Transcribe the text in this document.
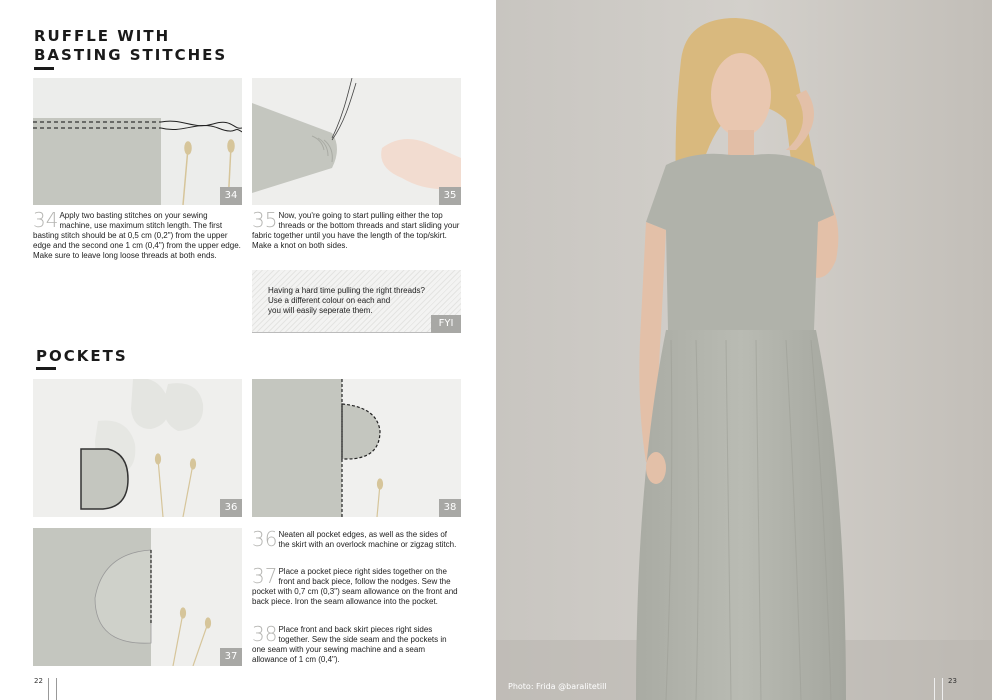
RUFFLE WITH
BASTING STITCHES
34	35
34 Apply two basting stitches on your sewing machine, use maximum stitch length. The first basting stitch should be at 0,5 cm (0,2") from the upper edge and the second one 1 cm (0,4") from the upper edge. Make sure to leave long loose threads at both ends.
35 Now, you're going to start pulling either the top threads or the bottom threads and start sliding your fabric together until you have the length of the top/skirt. Make a knot on both sides.
Having a hard time pulling the right threads?
Use a different colour on each and
you will easily seperate them.
FYI
POCKETS
36	38
37
36 Neaten all pocket edges, as well as the sides of the skirt with an overlock machine or zigzag stitch.
37 Place a pocket piece right sides together on the front and back piece, follow the nodges. Sew the pocket with 0,7 cm (0,3") seam allowance on the front and back piece. Iron the seam allowance into the pocket.
38 Place front and back skirt pieces right sides together. Sew the side seam and the pockets in one seam with your sewing machine and a seam allowance of 1 cm (0,4").
22	23
Photo: Frida @baralitetill
